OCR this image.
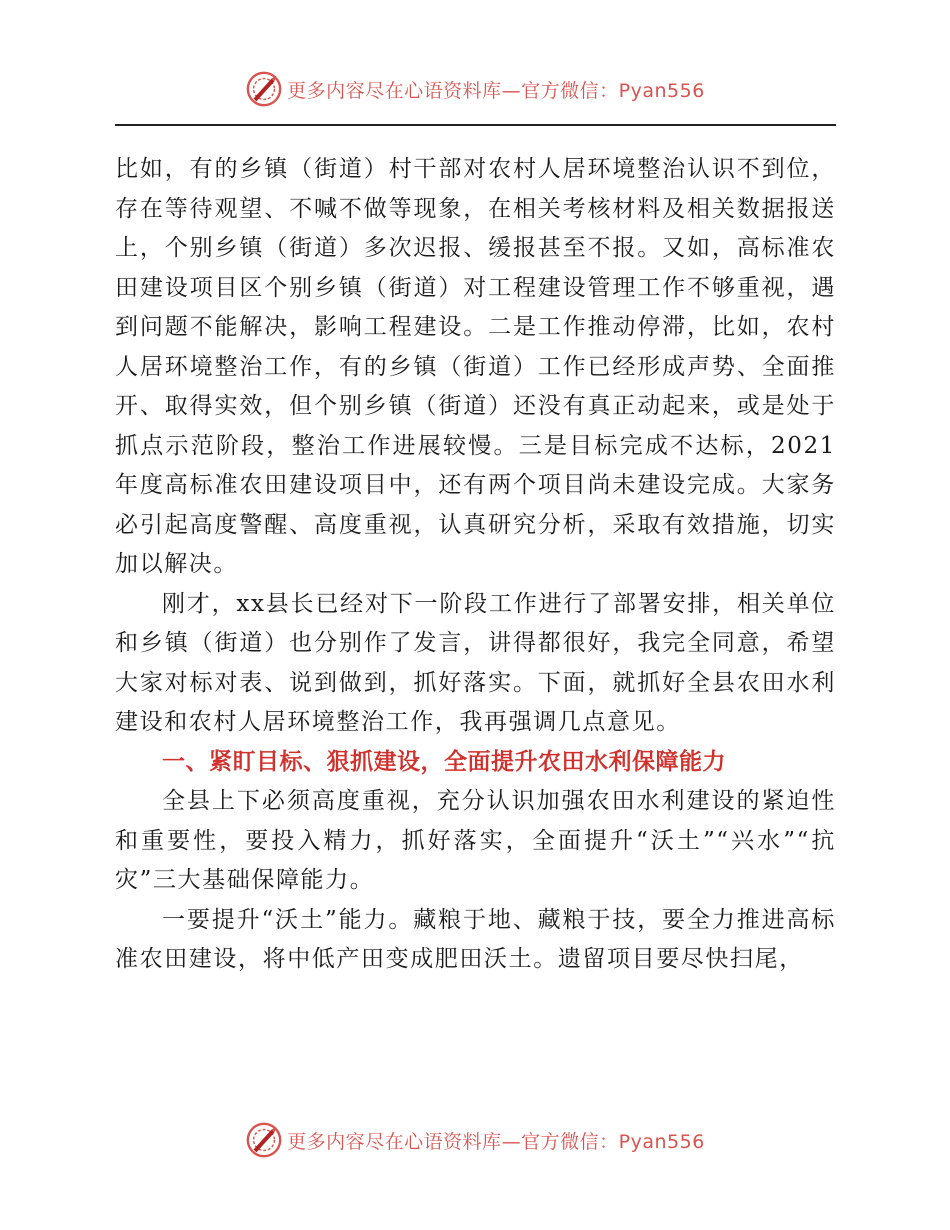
更多内容尽在心语资料库—官方微信：Pyan556

比如，有的乡镇（街道）村干部对农村人居环境整治认识不到位，存在等待观望、不喊不做等现象，在相关考核材料及相关数据报送上，个别乡镇（街道）多次迟报、缓报甚至不报。又如，高标准农田建设项目区个别乡镇（街道）对工程建设管理工作不够重视，遇到问题不能解决，影响工程建设。二是工作推动停滞，比如，农村人居环境整治工作，有的乡镇（街道）工作已经形成声势、全面推开、取得实效，但个别乡镇（街道）还没有真正动起来，或是处于抓点示范阶段，整治工作进展较慢。三是目标完成不达标，2021年度高标准农田建设项目中，还有两个项目尚未建设完成。大家务必引起高度警醒、高度重视，认真研究分析，采取有效措施，切实加以解决。

刚才，xx县长已经对下一阶段工作进行了部署安排，相关单位和乡镇（街道）也分别作了发言，讲得都很好，我完全同意，希望大家对标对表、说到做到，抓好落实。下面，就抓好全县农田水利建设和农村人居环境整治工作，我再强调几点意见。

一、紧盯目标、狠抓建设，全面提升农田水利保障能力

全县上下必须高度重视，充分认识加强农田水利建设的紧迫性和重要性，要投入精力，抓好落实，全面提升“沃土”“兴水”“抗灾”三大基础保障能力。

一要提升“沃土”能力。藏粮于地、藏粮于技，要全力推进高标准农田建设，将中低产田变成肥田沃土。遗留项目要尽快扫尾，

更多内容尽在心语资料库—官方微信：Pyan556
